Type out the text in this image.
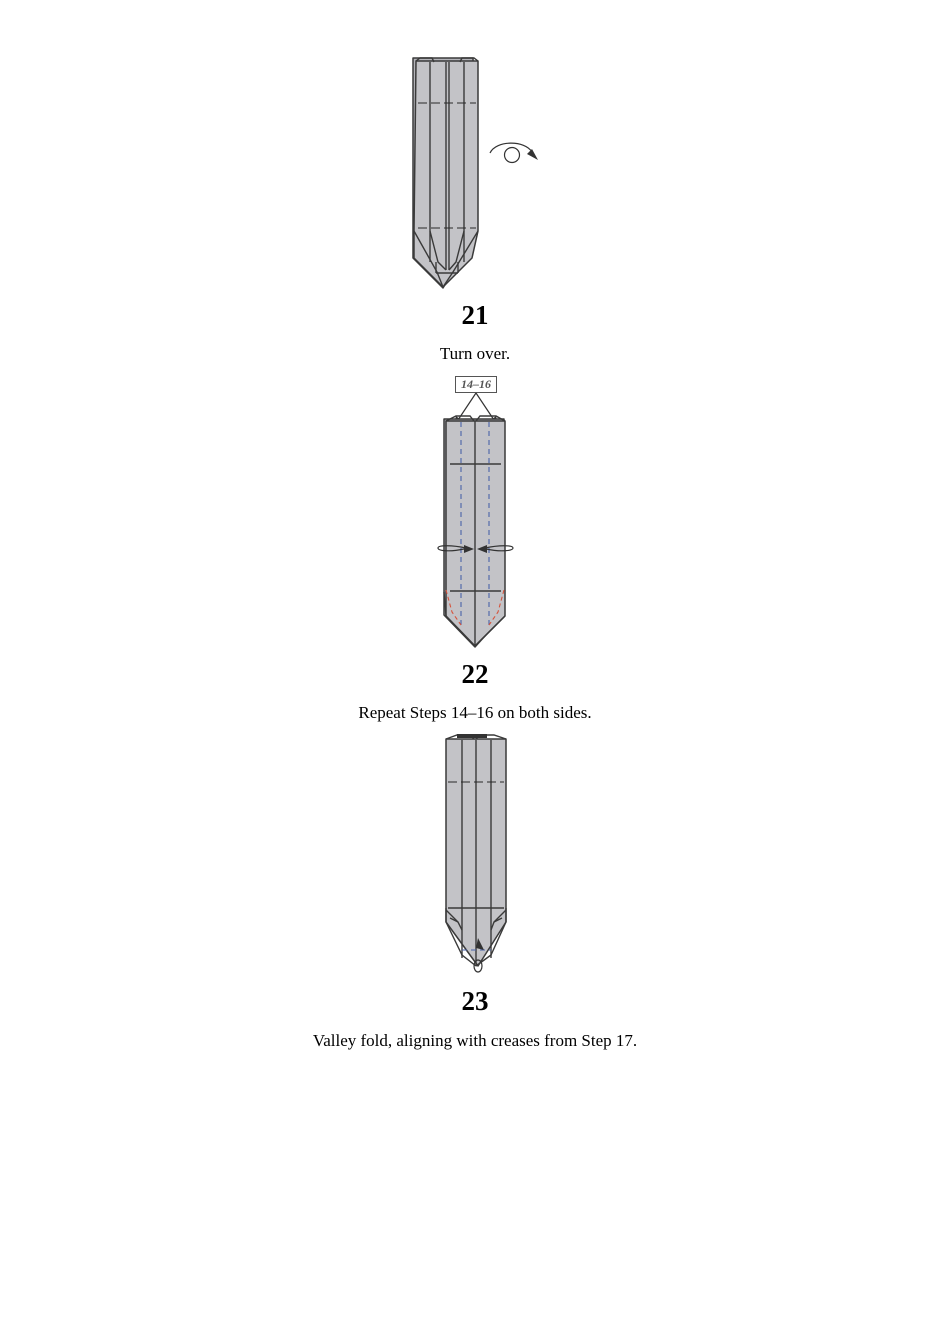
21
Turn over.
14–16
22
Repeat Steps 14–16 on both sides.
23
Valley fold, aligning with creases from Step 17.
